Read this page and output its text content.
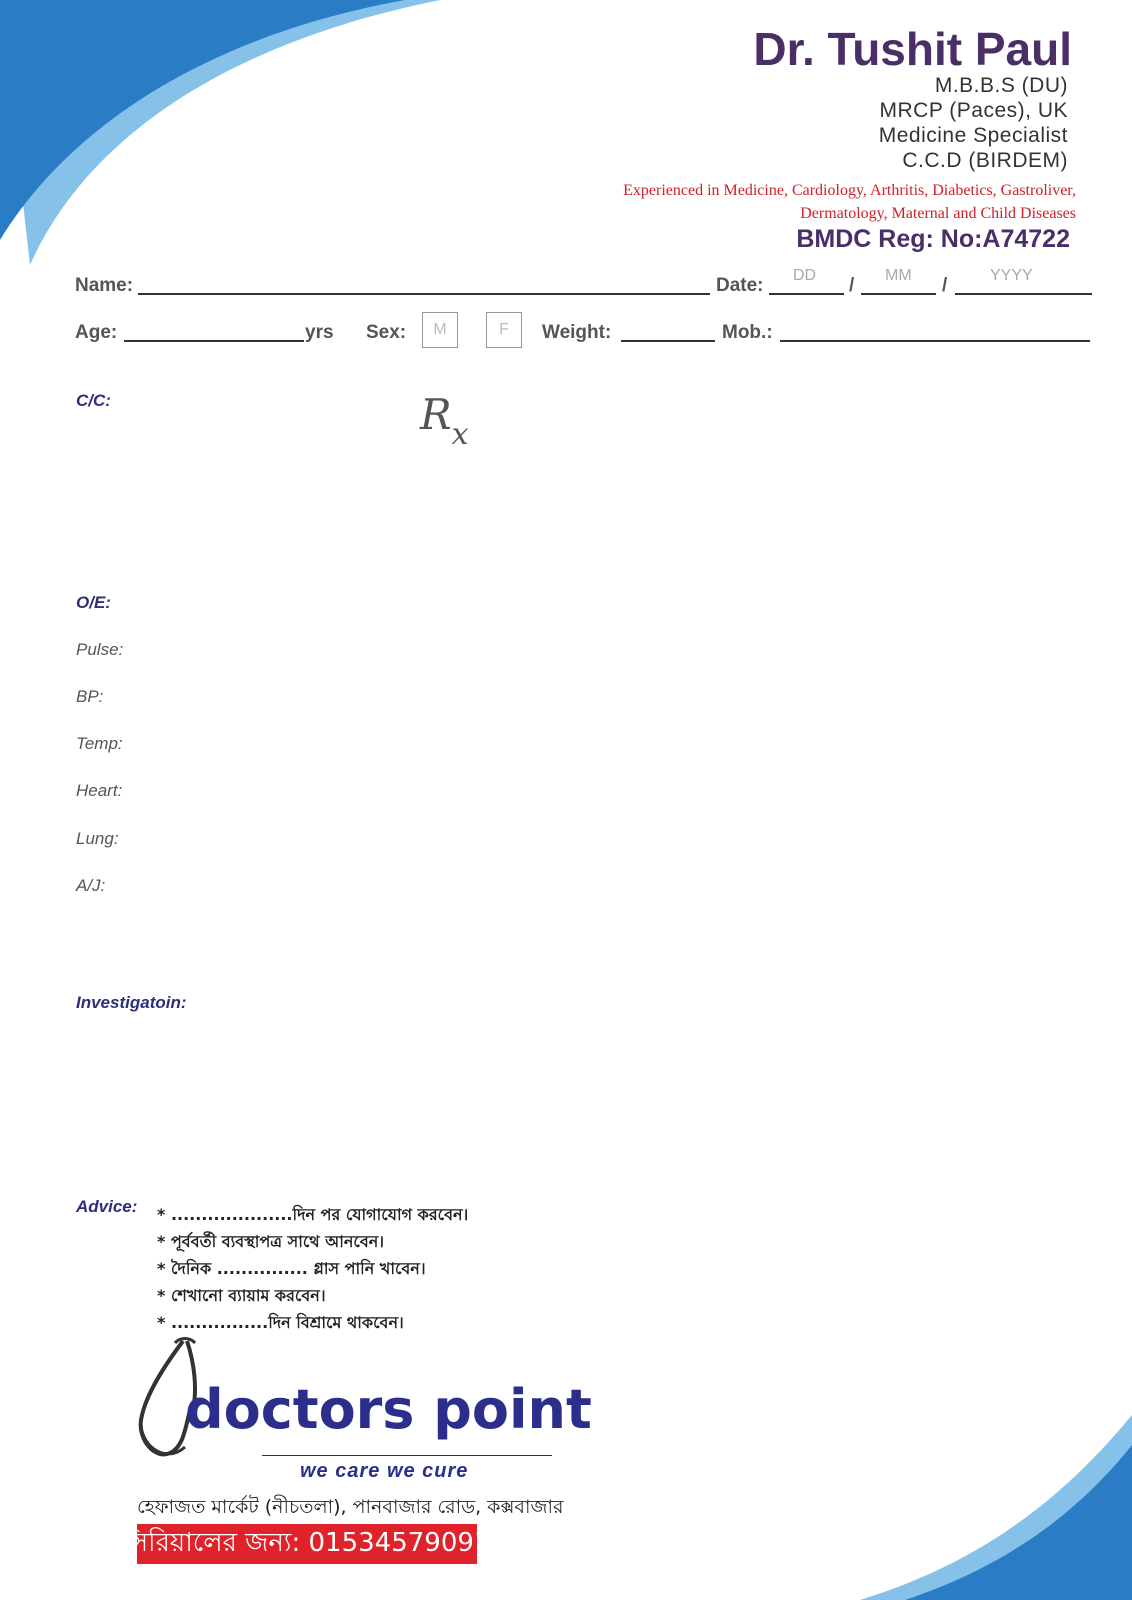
Dr. Tushit Paul
M.B.B.S (DU)
MRCP (Paces), UK
Medicine Specialist
C.C.D (BIRDEM)
Experienced in Medicine, Cardiology, Arthritis, Diabetics, Gastroliver,
Dermatology, Maternal and Child Diseases
BMDC Reg: No:A74722
Name:	Date: DD / MM /	YYYY
Age:	yrs Sex:	M	F	Weight:	Mob.:
C/C:	$R_x$
O/E:
Pulse:
BP:
Temp:
Heart:
Lung:
A/J:
Investigatoin:
Advice: * ....................দিন পর যোগাযোগ করবেন।
* পূর্ববর্তী ব্যবস্থাপত্র সাথে আনবেন।
* দৈনিক ............... গ্লাস পানি খাবেন।
* শেখানো ব্যায়াম করবেন।
* ................দিন বিশ্রামে থাকবেন।
doctors point
we care we cure
হেফাজত মার্কেট (নীচতলা), পানবাজার রোড, কক্সবাজার
সিরিয়ালের জন্য: 01534579091
